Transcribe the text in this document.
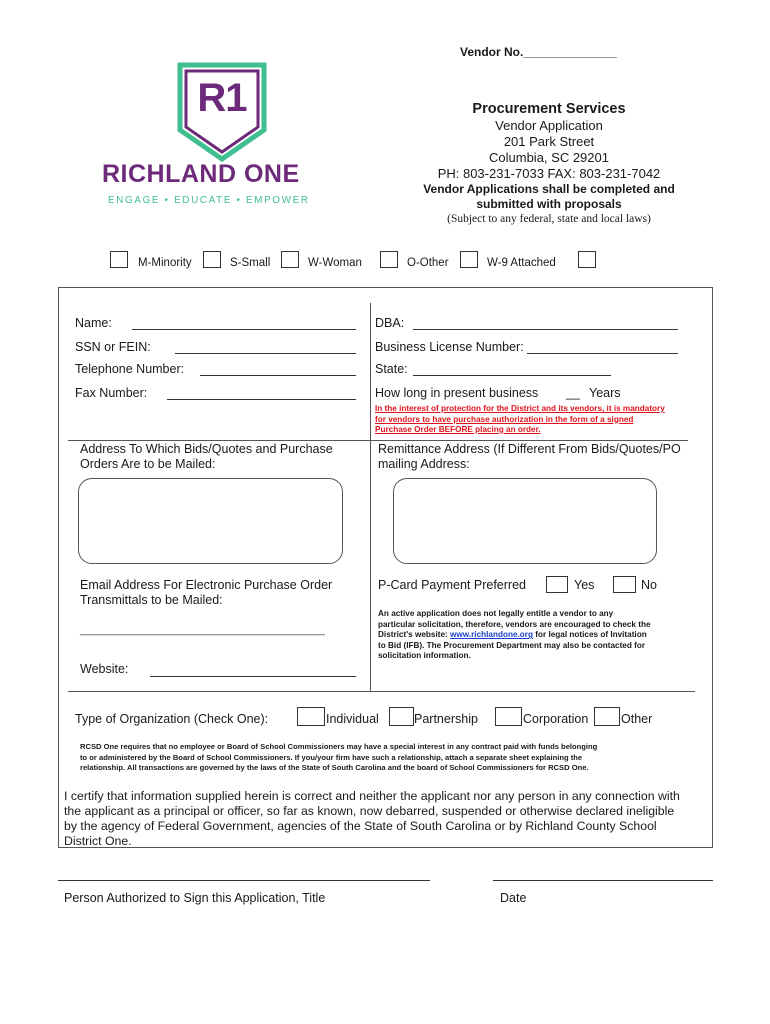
Vendor No.______________
R1
RICHLAND ONE
ENGAGE • EDUCATE • EMPOWER
Procurement Services
Vendor Application
201 Park Street
Columbia, SC 29201
PH: 803-231-7033 FAX: 803-231-7042
Vendor Applications shall be completed and
submitted with proposals
(Subject to any federal, state and local laws)
M-Minority	S-Small	W-Woman	O-Other	W-9 Attached
Name:
SSN or FEIN:
Telephone Number:
Fax Number:
DBA:
Business License Number:
State:
How long in present business __ Years
In the interest of protection for the District and its vendors, it is mandatory
for vendors to have purchase authorization in the form of a signed
Purchase Order BEFORE placing an order.
Address To Which Bids/Quotes and Purchase
Orders Are to be Mailed:
Remittance Address (If Different From Bids/Quotes/PO
mailing Address:
Email Address For Electronic Purchase Order
Transmittals to be Mailed:
________________________________________
Website:
P-Card Payment Preferred	Yes	No
An active application does not legally entitle a vendor to any
particular solicitation, therefore, vendors are encouraged to check the
District's website: www.richlandone.org for legal notices of Invitation
to Bid (IFB). The Procurement Department may also be contacted for
solicitation information.
Type of Organization (Check One):	Individual	Partnership	Corporation	Other
RCSD One requires that no employee or Board of School Commissioners may have a special interest in any contract paid with funds belonging
to or administered by the Board of School Commissioners. If you/your firm have such a relationship, attach a separate sheet explaining the
relationship. All transactions are governed by the laws of the State of South Carolina and the board of School Commissioners for RCSD One.
I certify that information supplied herein is correct and neither the applicant nor any person in any connection with
the applicant as a principal or officer, so far as known, now debarred, suspended or otherwise declared ineligible
by the agency of Federal Government, agencies of the State of South Carolina or by Richland County School
District One.
Person Authorized to Sign this Application, Title	Date
